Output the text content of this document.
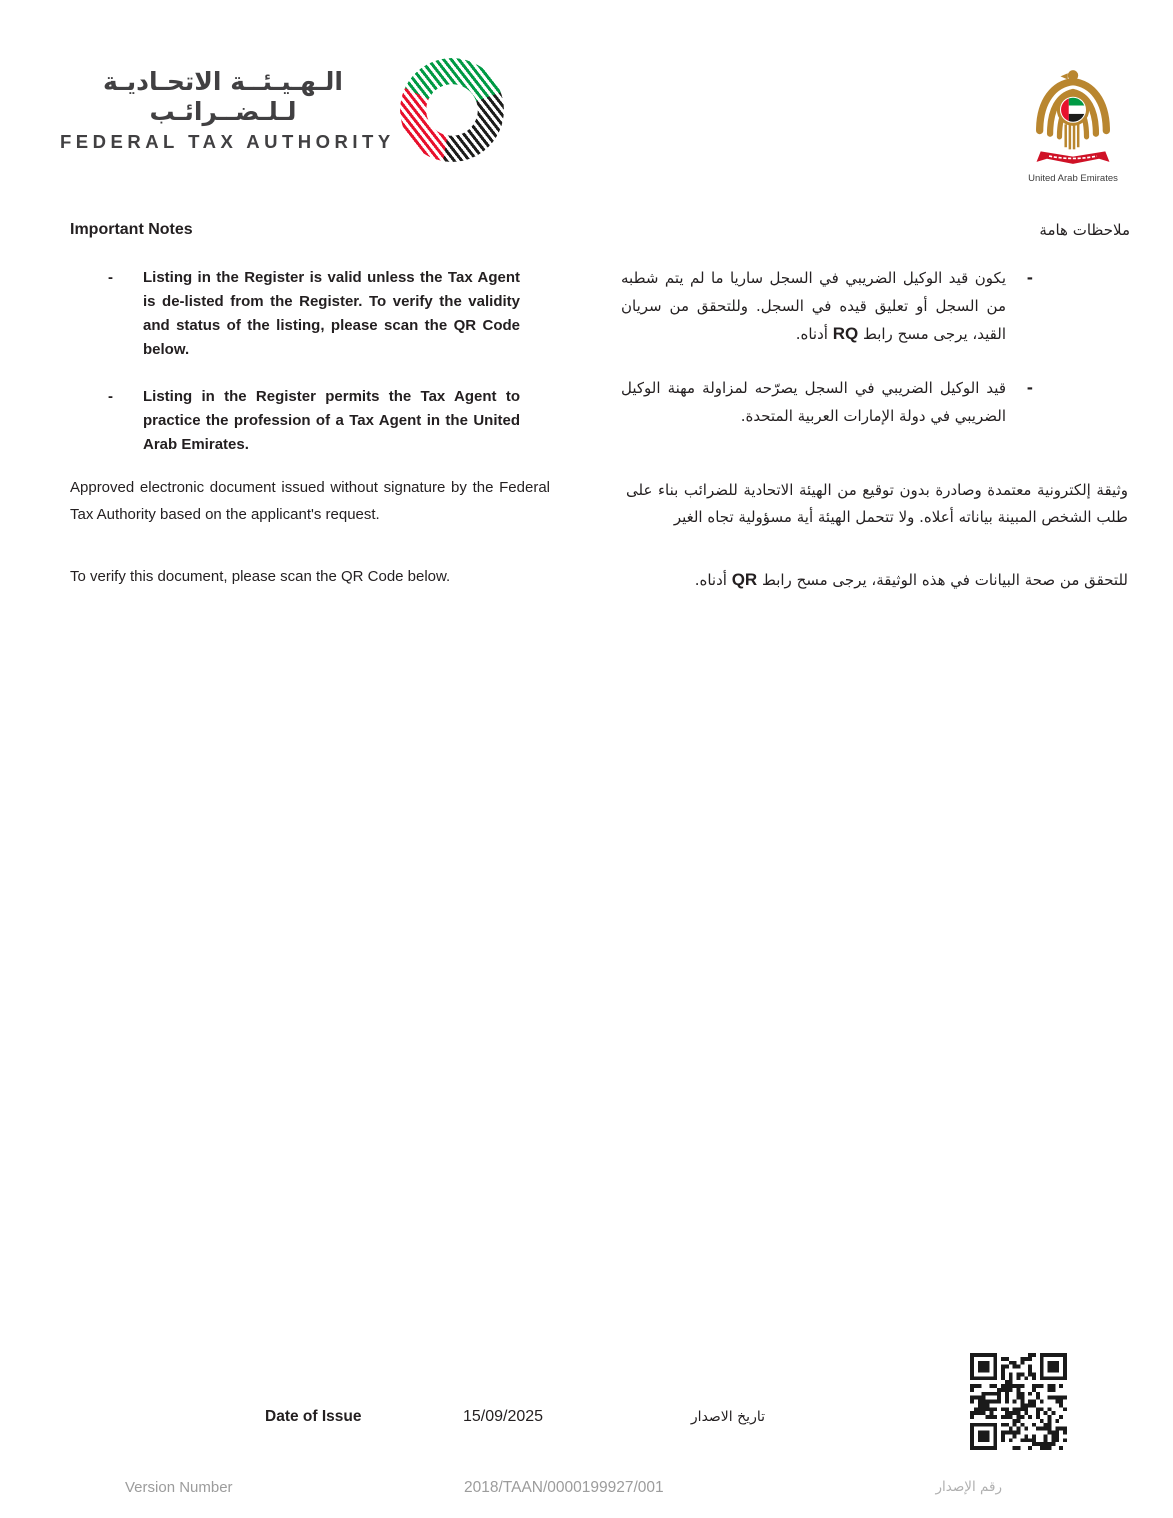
الـهـيـئــة الاتحـاديـة لـلـضــرائـب
FEDERAL TAX AUTHORITY
United Arab Emirates
Important Notes	ملاحظات هامة
-	Listing in the Register is valid unless the Tax Agent is de-listed from the Register. To verify the validity and status of the listing, please scan the QR Code below.
-	Listing in the Register permits the Tax Agent to practice the profession of a Tax Agent in the United Arab Emirates.
-
يكون قيد الوكيل الضريبي في السجل ساريا ما لم يتم شطبه من السجل أو تعليق قيده في السجل. وللتحقق من سريان القيد، يرجى مسح رابط RQ أدناه.
-
قيد الوكيل الضريبي في السجل يصرّحه لمزاولة مهنة الوكيل الضريبي في دولة الإمارات العربية المتحدة.
Approved electronic document issued without signature by the Federal Tax Authority based on the applicant's request.
وثيقة إلكترونية معتمدة وصادرة بدون توقيع من الهيئة الاتحادية للضرائب بناء على طلب الشخص المبينة بياناته أعلاه. ولا تتحمل الهيئة أية مسؤولية تجاه الغير
To verify this document, please scan the QR Code below.	للتحقق من صحة البيانات في هذه الوثيقة، يرجى مسح رابط QR أدناه.
Date of Issue	15/09/2025	تاريخ الاصدار
Version Number	2018/TAAN/0000199927/001	رقم الإصدار
